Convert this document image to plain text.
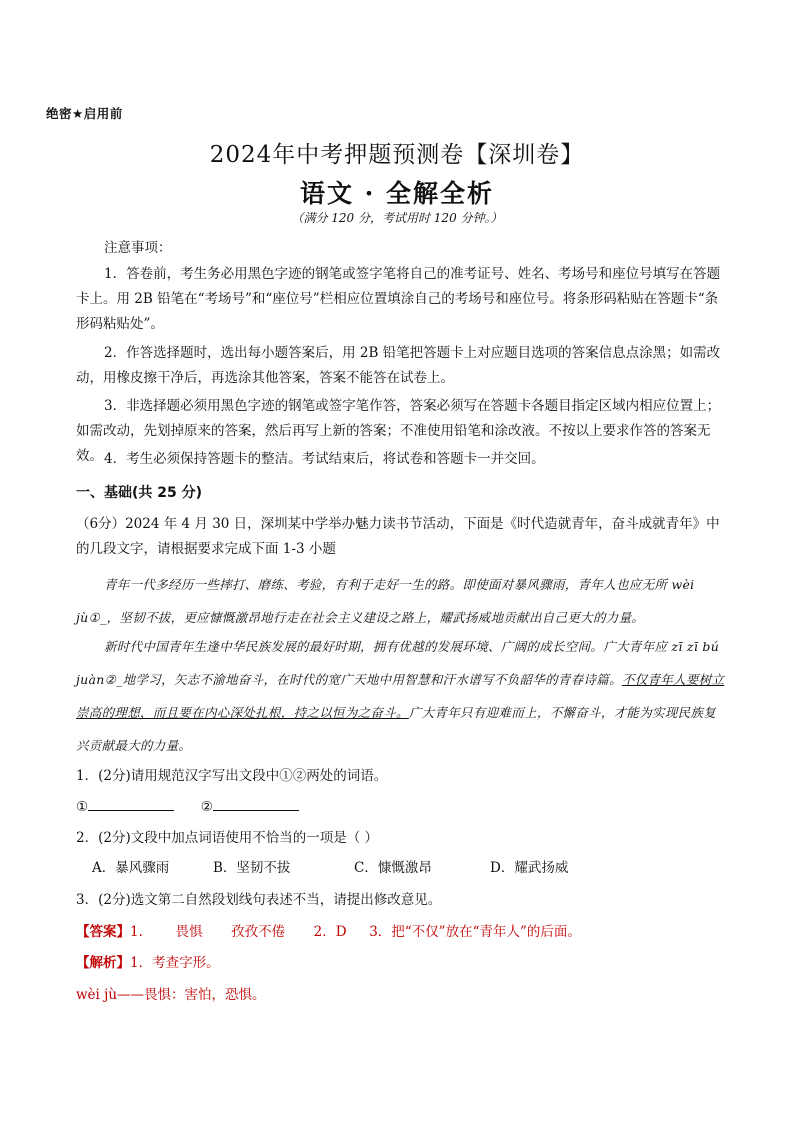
绝密★启用前
2024年中考押题预测卷【深圳卷】
语文 · 全解全析
（满分 120 分，考试用时 120 分钟。）
注意事项：
1．答卷前，考生务必用黑色字迹的钢笔或签字笔将自己的准考证号、姓名、考场号和座位号填写在答题卡上。用 2B 铅笔在“考场号”和“座位号”栏相应位置填涂自己的考场号和座位号。将条形码粘贴在答题卡“条形码粘贴处”。
2．作答选择题时，选出每小题答案后，用 2B 铅笔把答题卡上对应题目选项的答案信息点涂黑；如需改动，用橡皮擦干净后，再选涂其他答案，答案不能答在试卷上。
3．非选择题必须用黑色字迹的钢笔或签字笔作答，答案必须写在答题卡各题目指定区域内相应位置上；如需改动，先划掉原来的答案，然后再写上新的答案；不准使用铅笔和涂改液。不按以上要求作答的答案无效。 4．考生必须保持答题卡的整洁。考试结束后，将试卷和答题卡一并交回。
一、基础(共 25 分)
（6分）2024 年 4 月 30 日，深圳某中学举办魅力读书节活动，下面是《时代造就青年，奋斗成就青年》中的几段文字，请根据要求完成下面 1-3 小题
青年一代多经历一些摔打、磨练、考验，有利于走好一生的路。即使面对暴风骤雨，青年人也应无所 wèi jù①_，坚韧不拔，更应慷慨激昂地行走在社会主义建设之路上，耀武扬威地贡献出自己更大的力量。
新时代中国青年生逢中华民族发展的最好时期，拥有优越的发展环境、广阔的成长空间。广大青年应 zī zī bú juàn②_地学习，矢志不渝地奋斗，在时代的宽广天地中用智慧和汗水谱写不负韶华的青春诗篇。不仅青年人要树立崇高的理想，而且要在内心深处扎根，持之以恒为之奋斗。广大青年只有迎难而上，不懈奋斗，才能为实现民族复兴贡献最大的力量。
1．(2分)请用规范汉字写出文段中①②两处的词语。
①	②
2．(2分)文段中加点词语使用不恰当的一项是（ ）
A．暴风骤雨	B．坚韧不拔	C．慷慨激昂	D．耀武扬威
3．(2分)选文第二自然段划线句表述不当，请提出修改意见。
【答案】1. 畏惧 孜孜不倦 2．D 3．把“不仅”放在“青年人”的后面。
【解析】1．考查字形。
wèi jù——畏惧：害怕，恐惧。
